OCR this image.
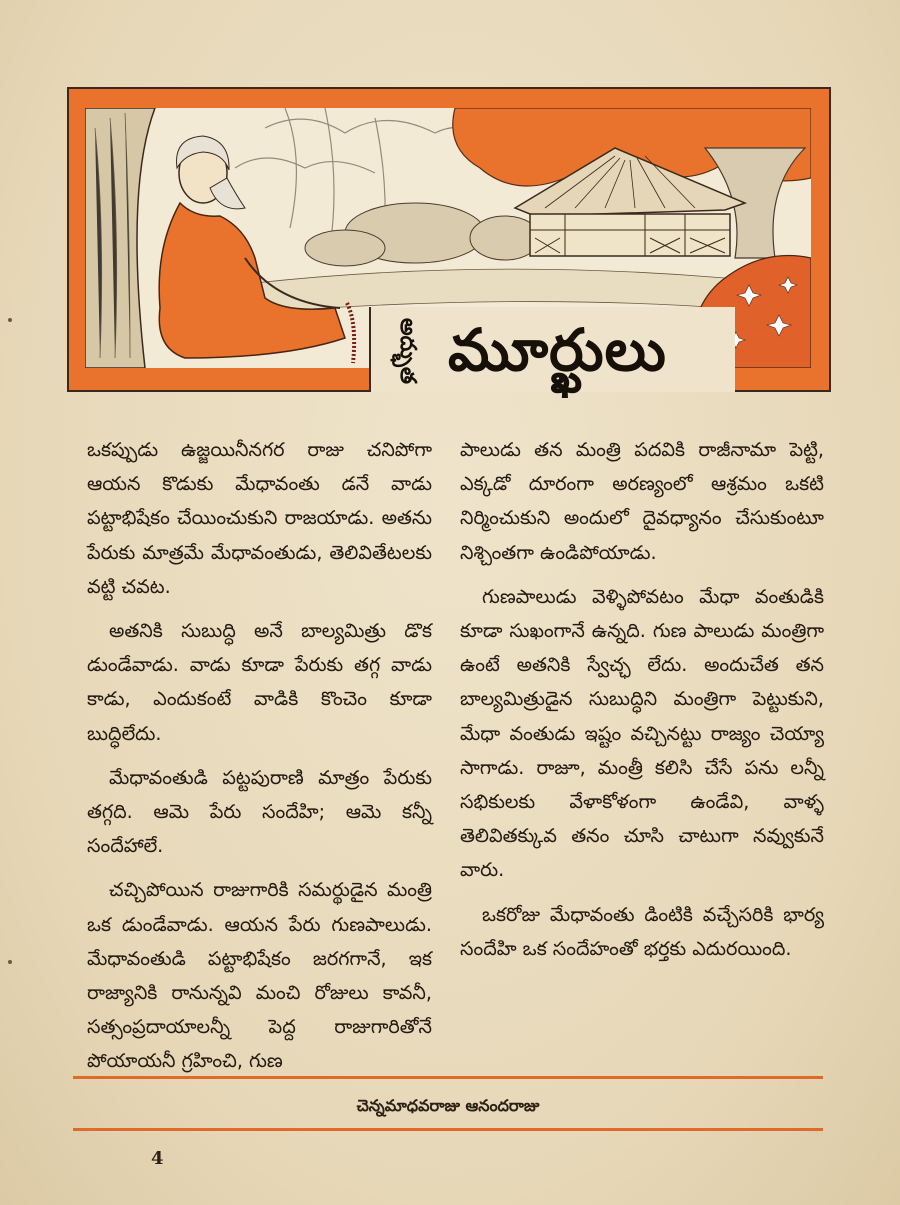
అద్భుత మూర్ఖులు

ఒకప్పుడు ఉజ్జయినీనగర రాజు చనిపోగా ఆయన కొడుకు మేధావంతు డనే వాడు పట్టాభిషేకం చేయించుకుని రాజయాడు. అతను పేరుకు మాత్రమే మేధావంతుడు, తెలివితేటలకు వట్టి చవట.

అతనికి సుబుద్ధి అనే బాల్యమిత్రు డొక డుండేవాడు. వాడు కూడా పేరుకు తగ్గ వాడు కాడు, ఎందుకంటే వాడికి కొంచెం కూడా బుద్ధిలేదు.

మేధావంతుడి పట్టపురాణి మాత్రం పేరుకు తగ్గది. ఆమె పేరు సందేహి; ఆమె కన్నీ సందేహాలే.

చచ్చిపోయిన రాజుగారికి సమర్థుడైన మంత్రి ఒక డుండేవాడు. ఆయన పేరు గుణపాలుడు. మేధావంతుడి పట్టాభిషేకం జరగగానే, ఇక రాజ్యానికి రానున్నవి మంచి రోజులు కావనీ, సత్సంప్రదాయాలన్నీ పెద్ద రాజుగారితోనే పోయాయనీ గ్రహించి, గుణ

పాలుడు తన మంత్రి పదవికి రాజీనామా పెట్టి, ఎక్కడో దూరంగా అరణ్యంలో ఆశ్రమం ఒకటి నిర్మించుకుని అందులో దైవధ్యానం చేసుకుంటూ నిశ్చింతగా ఉండిపోయాడు.

గుణపాలుడు వెళ్ళిపోవటం మేధా వంతుడికి కూడా సుఖంగానే ఉన్నది. గుణ పాలుడు మంత్రిగా ఉంటే అతనికి స్వేచ్ఛ లేదు. అందుచేత తన బాల్యమిత్రుడైన సుబుద్ధిని మంత్రిగా పెట్టుకుని, మేధా వంతుడు ఇష్టం వచ్చినట్టు రాజ్యం చెయ్యా సాగాడు. రాజూ, మంత్రీ కలిసి చేసే పను లన్నీ సభికులకు వేళాకోళంగా ఉండేవి, వాళ్ళ తెలివితక్కువ తనం చూసి చాటుగా నవ్వుకునే వారు.

ఒకరోజు మేధావంతు డింటికి వచ్చేసరికి భార్య సందేహి ఒక సందేహంతో భర్తకు ఎదురయింది.

చెన్నమాధవరాజు ఆనందరాజు
4
